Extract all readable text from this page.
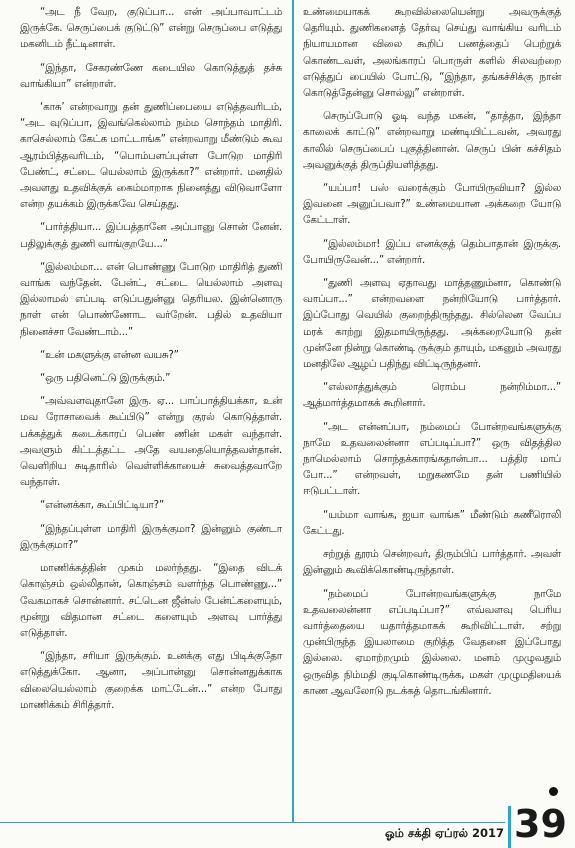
“அட நீ வேற, குடுப்பா... என் அப்பாவாட்டம் இருக்கே. செருப்பைக் குடுட்டு” என்று செருப்பை எடுத்து மகனிடம் நீட்டினாள்.

“இந்தா, சேகரண்ணே கடையில கொடுத்துத் தச்சு வாங்கியா” என்றாள்.

‘காசு’ என்றவாறு தன் துணிப்பையை எடுத்தவரிடம், “அட வுடுப்பா, இவங்கெல்லாம் நம்ம சொந்தம் மாதிரி. காசெல்லாம் கேட்க மாட்டாங்க” என்றவாறு மீண்டும் கூவ ஆரம்பித்தவரிடம், “பொம்பளப்புள்ள போடுற மாதிரி பேண்ட், சட்டை யெல்லாம் இருக்கா?” என்றார். மனதில் அவளது உதவிக்குக் கைம்மாறாக நினைத்து விடுவாளோ என்ற தயக்கம் இருக்கவே செய்தது.

“பார்த்தியா... இப்பத்தானே அப்பானு சொன் னேன். பதிலுக்குத் துணி வாங்குறயே...”

“இல்லம்மா... என் பொண்ணு போடுற மாதிரித் துணி வாங்க வந்தேன். பேன்ட், சட்டை யெல்லாம் அளவு இல்லாமல் எப்படி எடுப்பதுன்னு தெரியல. இன்னொரு நாள் என் பொண்ணோட வர்றேன். பதில் உதவியா நினைச்சா வேண்டாம்...”

“உன் மகளுக்கு என்ன வயசு?”

“ஒரு பதினெட்டு இருக்கும்.”

“அவ்வளவுதானே இரு. ஏ... பாப்பாத்தியக்கா, உன் மவ ரோசாவைக் கூப்பிடு” என்று குரல் கொடுத்தாள். பக்கத்துக் கடைக்காரப் பெண் ணின் மகள் வந்தாள். அவளும் கிட்டத்தட்ட அதே வயதையொத்தவள்தான். வெளிறிய சுடிதாரில் வெள்ளிக்காயைச் சுவைத்தவாறே வந்தாள்.

“என்னக்கா, கூப்பிட்டியா?”

“இந்தப்புள்ள மாதிரி இருக்குமா? இன்னும் குண்டா இருக்குமா?”

மாணிக்கத்தின் முகம் மலர்ந்தது. “இதை விடக் கொஞ்சம் ஒல்லிதான், கொஞ்சம் வளர்ந்த பொண்ணு...” வேகமாகச் சொன்னார். சட்டென ஜீன்ஸ் பேன்ட்களையும், மூன்று விதமான சட்டை களையும் அளவு பார்த்து எடுத்தாள்.

“இந்தா, சரியா இருக்கும். உனக்கு எது பிடிக்குதோ எடுத்துக்கோ. ஆனா, அப்பான்னு சொன்னதுக்காக விலையெல்லாம் குறைக்க மாட்டேன்...” என்ற போது மாணிக்கம் சிரித்தார்.

உண்மையாகக் கூறவில்லையென்று அவருக்குத் தெரியும். துணிகளைத் தேர்வு செய்து வாங்கிய வரிடம் நியாயமான விலை கூறிப் பணத்தைப் பெற்றுக் கொண்டவள், அலங்காரப் பொருள் களில் சிலவற்றை எடுத்துப் பையில் போட்டு, “இந்தா, தங்கச்சிக்கு நான் கொடுத்தேன்னு சொல்லு” என்றாள்.

செருப்போடு ஓடி வந்த மகன், “தாத்தா, இந்தா காலைக் காட்டு” என்றவாறு மண்டியிட்டவன், அவரது காலில் செருப்பைப் புகுத்தினான். செருப் பின் கச்சிதம் அவனுக்குத் திருப்தியளித்தது.

“யப்பா! பஸ் வரைக்கும் போயிருவியா? இல்ல இவனை அனுப்பவா?” உண்மையான அக்கறை யோடு கேட்டாள்.

“இல்லம்மா! இப்ப எனக்குத் தெம்பாதான் இருக்கு. போயிருவேன்...” என்றார்.

“துணி அளவு ஏதாவது மாத்தணும்னா, கொண்டு வாப்பா...” என்றவளை நன்றியோடு பார்த்தார். இப்போது வெயில் குறைந்திருந்தது. சில்லென வேப்ப மரக் காற்று இதமாயிருந்தது. அக்கறையோடு தன் முன்னே நின்று கொண்டி ருக்கும் தாயும், மகனும் அவரது மனதிலே ஆழப் பதிந்து விட்டிருந்தனர்.

“எல்லாத்துக்கும் ரொம்ப நன்றிம்மா...” ஆத்மார்த்தமாகக் கூறினார்.

“அட என்னப்பா, நம்மைப் போன்றவங்களுக்கு நாமே உதவலைன்னா எப்படிப்பா?” ஒரு விதத்தில நாமெல்லாம் சொந்தக்காரங்கதான்பா... பத்திர மாப் போ...” என்றவள், மறுகணமே தன் பணியில் ஈடுபட்டாள்.

“யம்மா வாங்க, ஐயா வாங்க” மீண்டும் கணீரொலி கேட்டது.

சற்றுத் தூரம் சென்றவர், திரும்பிப் பார்த்தார். அவள் இன்னும் கூவிக்கொண்டிருந்தாள்.

“நம்மைப் போன்றவங்களுக்கு நாமே உதவலைன்னா எப்படிப்பா?” எவ்வளவு பெரிய வார்த்தையை யதார்த்தமாகக் கூறிவிட்டாள். சற்று முன்பிருந்த இயலாமை குறித்த வேதனை இப்போது இல்லை. ஏமாற்றமும் இல்லை. மனம் முழுவதும் ஒருவித நிம்மதி குடிகொண்டிருக்க, மகள் முழுமதியைக் காண ஆவலோடு நடக்கத் தொடங்கினார்.

ஓம் சக்தி ஏப்ரல் 2017 39
